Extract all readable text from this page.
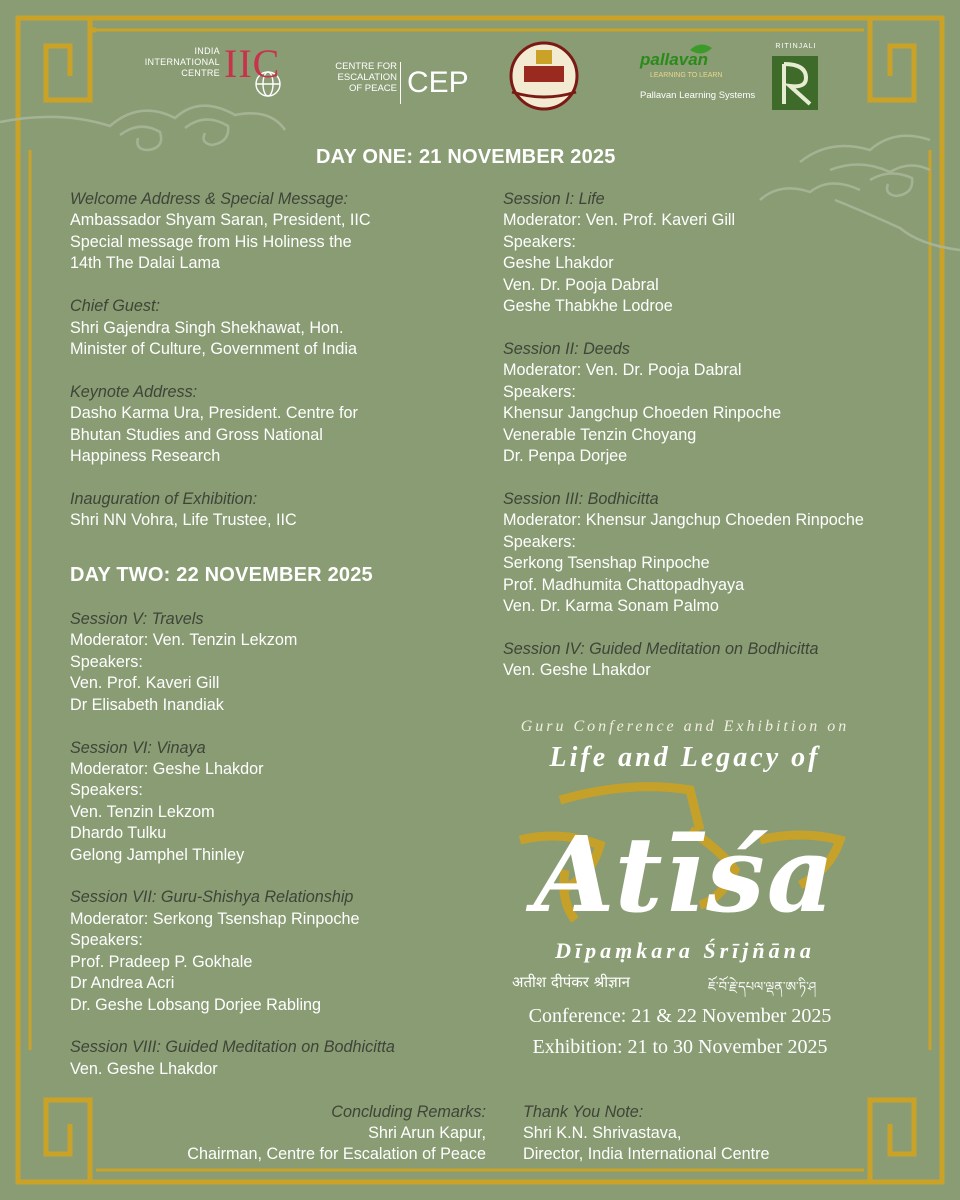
INDIA INTERNATIONAL CENTRE IIC	CENTRE FOR ESCALATION OF PEACE CEP
pallavan
LEARNING TO LEARN
Pallavan Learning Systems
RITINJALI
DAY ONE: 21 NOVEMBER 2025
Welcome Address & Special Message:
Ambassador Shyam Saran, President, IIC
Special message from His Holiness the
14th The Dalai Lama
Chief Guest:
Shri Gajendra Singh Shekhawat, Hon.
Minister of Culture, Government of India
Keynote Address:
Dasho Karma Ura, President. Centre for
Bhutan Studies and Gross National
Happiness Research
Inauguration of Exhibition:
Shri NN Vohra, Life Trustee, IIC
DAY TWO: 22 NOVEMBER 2025
Session V: Travels
Moderator: Ven. Tenzin Lekzom
Speakers:
Ven. Prof. Kaveri Gill
Dr Elisabeth Inandiak
Session VI: Vinaya
Moderator: Geshe Lhakdor
Speakers:
Ven. Tenzin Lekzom
Dhardo Tulku
Gelong Jamphel Thinley
Session VII: Guru-Shishya Relationship
Moderator: Serkong Tsenshap Rinpoche
Speakers:
Prof. Pradeep P. Gokhale
Dr Andrea Acri
Dr. Geshe Lobsang Dorjee Rabling
Session VIII: Guided Meditation on Bodhicitta
Ven. Geshe Lhakdor
Session I: Life
Moderator: Ven. Prof. Kaveri Gill
Speakers:
Geshe Lhakdor
Ven. Dr. Pooja Dabral
Geshe Thabkhe Lodroe
Session II: Deeds
Moderator: Ven. Dr. Pooja Dabral
Speakers:
Khensur Jangchup Choeden Rinpoche
Venerable Tenzin Choyang
Dr. Penpa Dorjee
Session III: Bodhicitta
Moderator: Khensur Jangchup Choeden Rinpoche
Speakers:
Serkong Tsenshap Rinpoche
Prof. Madhumita Chattopadhyaya
Ven. Dr. Karma Sonam Palmo
Session IV: Guided Meditation on Bodhicitta
Ven. Geshe Lhakdor
Guru Conference and Exhibition on
Life and Legacy of
Atīśa
Dīpaṃkara Śrījñāna
अतीश दीपंकर श्रीज्ञान	ཇོ་བོ་རྗེ་དཔལ་ལྡན་ཨ་ཏི་ཤ
Conference: 21 & 22 November 2025
Exhibition: 21 to 30 November 2025
Concluding Remarks:
Shri Arun Kapur,
Chairman, Centre for Escalation of Peace
Thank You Note:
Shri K.N. Shrivastava,
Director, India International Centre
